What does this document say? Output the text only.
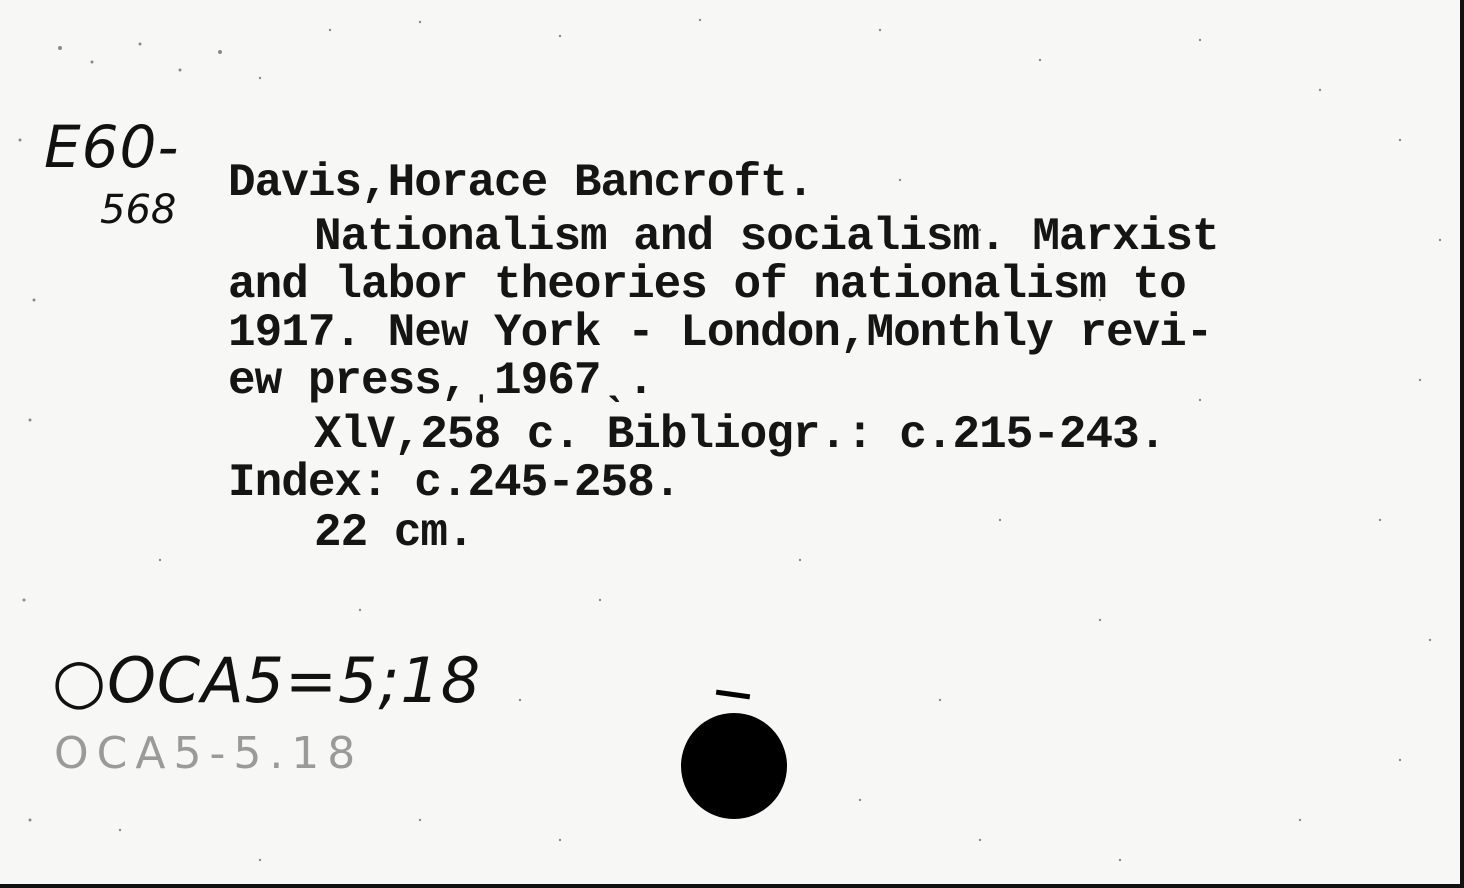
E60-
568
Davis,Horace Bancroft.
Nationalism and socialism. Marxist
and labor theories of nationalism to
1917. New York - London,Monthly revi-
ew press,ˌ1967ˎ.
XlV,258 c. Bibliogr.: c.215-243.
Index: c.245-258.
22 cm.
○OCA5=5;18
OCA5-5.18
